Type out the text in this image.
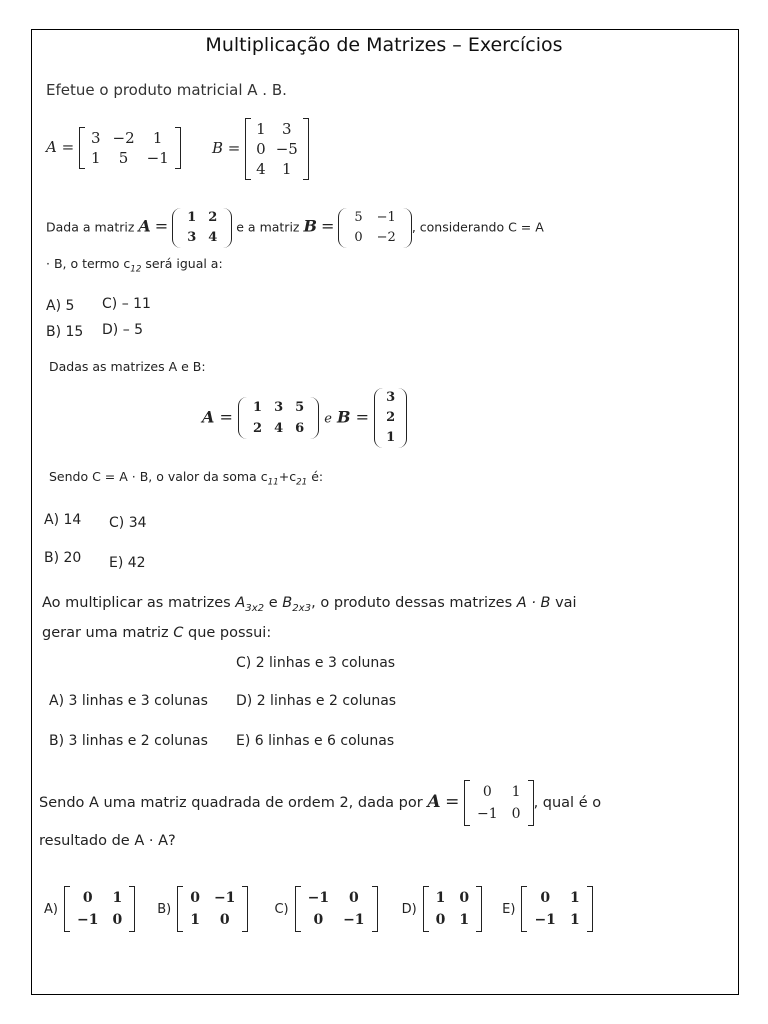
Multiplicação de Matrizes – Exercícios
Efetue o produto matricial A . B.
A = 3	−2	1
1	5	−1
B =
1	3
0	−5
4	1
Dada a matriz A = 1	2
3	4
e a matriz B = 5	−1
0	−2
, considerando C = A
· B, o termo $c_{12}$ será igual a:
A) 5 C) – 11
B) 15 D) – 5
Dadas as matrizes A e B:
A = 1	3	5
2	4	6
e B =
3
2
1
Sendo C = A · B, o valor da soma $c_{11}+c_{21}$ é:
A) 14 C) 34
B) 20 E) 42
Ao multiplicar as matrizes $A_{3x2}$ e $B_{2x3}$, o produto dessas matrizes A · B vai
gerar uma matriz C que possui:
C) 2 linhas e 3 colunas
A) 3 linhas e 3 colunas D) 2 linhas e 2 colunas
B) 3 linhas e 2 colunas E) 6 linhas e 6 colunas
Sendo A uma matriz quadrada de ordem 2, dada por A = 0	1
−1	0
, qual é o
resultado de A · A?
A)
0	1
−1	0
B)
0	−1
1	0
C)
−1	0
0	−1
D)
1	0
0	1
E)
0	1
−1	1
